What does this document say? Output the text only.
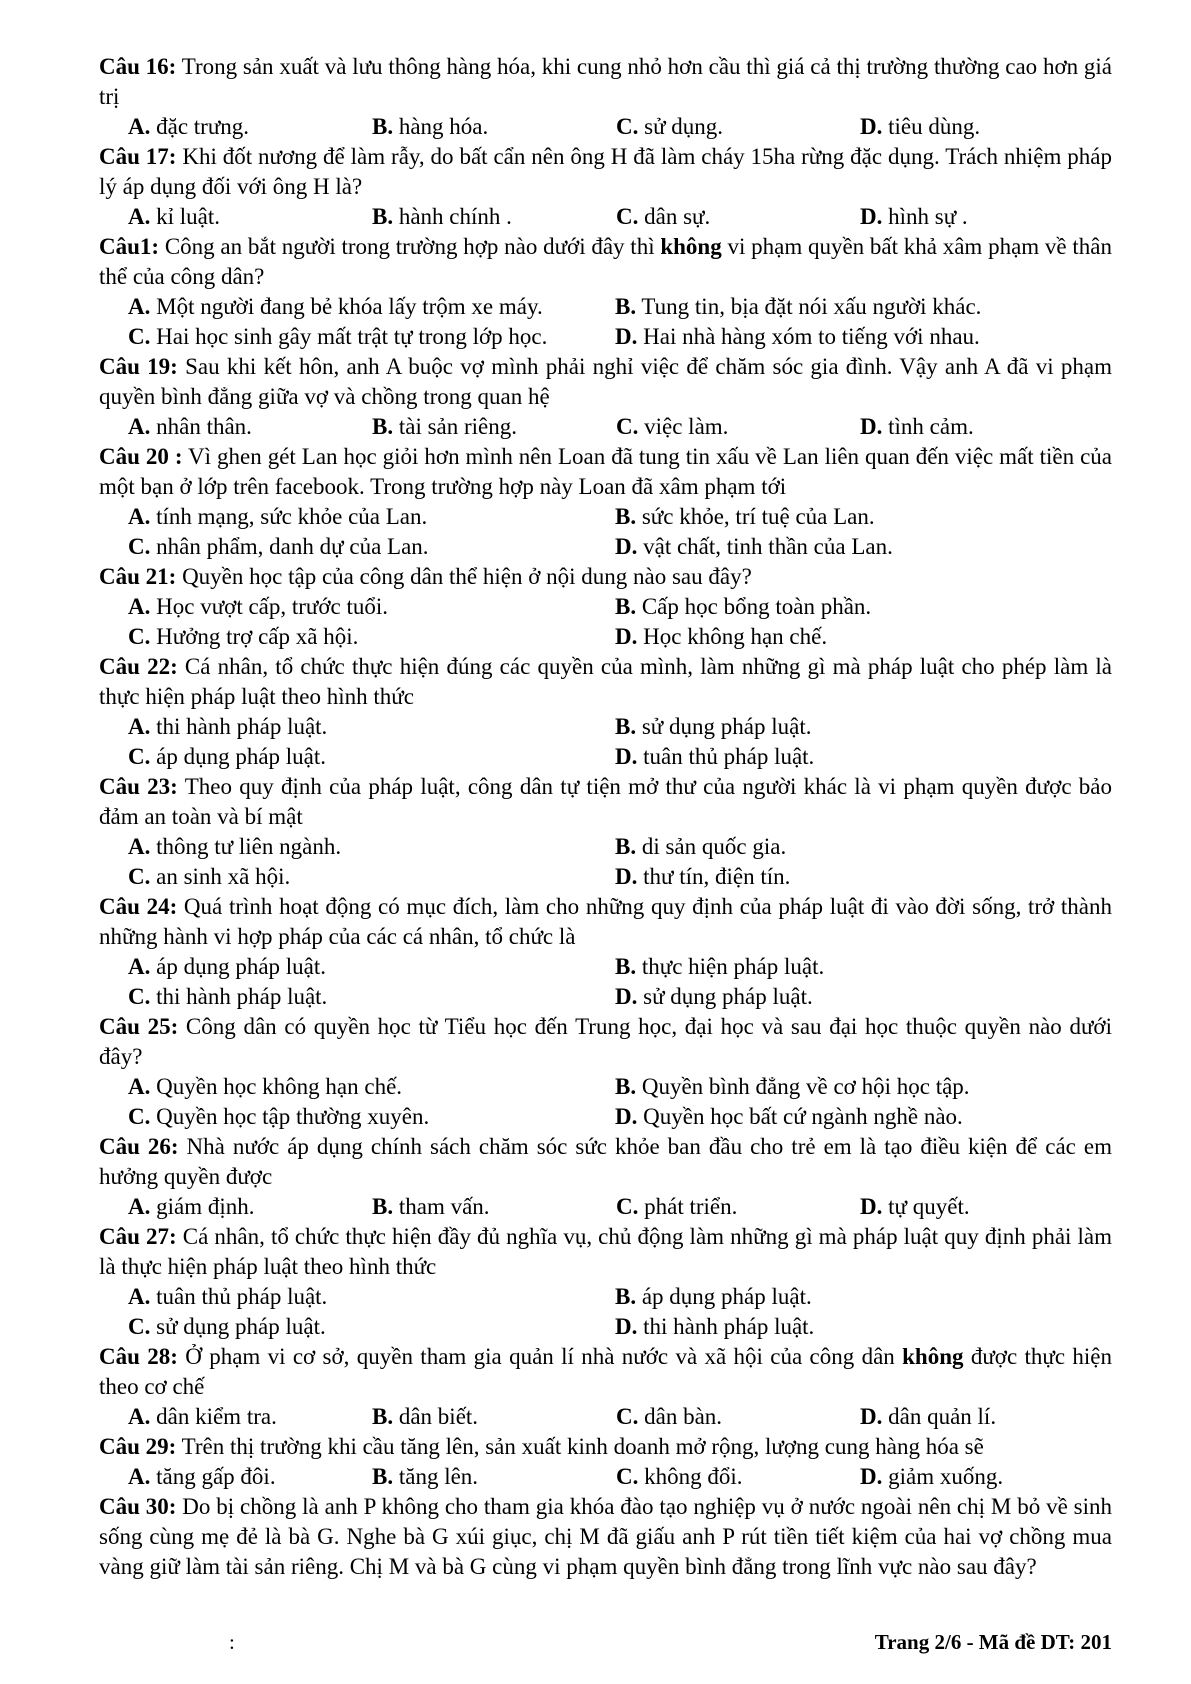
Câu 16: Trong sản xuất và lưu thông hàng hóa, khi cung nhỏ hơn cầu thì giá cả thị trường thường cao hơn giá trị

A. đặc trưng.	B. hàng hóa.	C. sử dụng.	D. tiêu dùng.

Câu 17: Khi đốt nương để làm rẫy, do bất cẩn nên ông H đã làm cháy 15ha rừng đặc dụng. Trách nhiệm pháp lý áp dụng đối với ông H là?

A. kỉ luật.	B. hành chính .	C. dân sự.	D. hình sự .

Câu1: Công an bắt người trong trường hợp nào dưới đây thì không vi phạm quyền bất khả xâm phạm về thân thể của công dân?

A. Một người đang bẻ khóa lấy trộm xe máy.	B. Tung tin, bịa đặt nói xấu người khác.
C. Hai học sinh gây mất trật tự trong lớp học.	D. Hai nhà hàng xóm to tiếng với nhau.

Câu 19: Sau khi kết hôn, anh A buộc vợ mình phải nghỉ việc để chăm sóc gia đình. Vậy anh A đã vi phạm quyền bình đẳng giữa vợ và chồng trong quan hệ

A. nhân thân.	B. tài sản riêng.	C. việc làm.	D. tình cảm.

Câu 20 : Vì ghen gét Lan học giỏi hơn mình nên Loan đã tung tin xấu về Lan liên quan đến việc mất tiền của một bạn ở lớp trên facebook. Trong trường hợp này Loan đã xâm phạm tới

A. tính mạng, sức khỏe của Lan.	B. sức khỏe, trí tuệ của Lan.
C. nhân phẩm, danh dự của Lan.	D. vật chất, tinh thần của Lan.

Câu 21: Quyền học tập của công dân thể hiện ở nội dung nào sau đây?

A. Học vượt cấp, trước tuổi.	B. Cấp học bổng toàn phần.
C. Hưởng trợ cấp xã hội.	D. Học không hạn chế.

Câu 22: Cá nhân, tổ chức thực hiện đúng các quyền của mình, làm những gì mà pháp luật cho phép làm là thực hiện pháp luật theo hình thức

A. thi hành pháp luật.	B. sử dụng pháp luật.
C. áp dụng pháp luật.	D. tuân thủ pháp luật.

Câu 23: Theo quy định của pháp luật, công dân tự tiện mở thư của người khác là vi phạm quyền được bảo đảm an toàn và bí mật

A. thông tư liên ngành.	B. di sản quốc gia.
C. an sinh xã hội.	D. thư tín, điện tín.

Câu 24: Quá trình hoạt động có mục đích, làm cho những quy định của pháp luật đi vào đời sống, trở thành những hành vi hợp pháp của các cá nhân, tổ chức là

A. áp dụng pháp luật.	B. thực hiện pháp luật.
C. thi hành pháp luật.	D. sử dụng pháp luật.

Câu 25: Công dân có quyền học từ Tiểu học đến Trung học, đại học và sau đại học thuộc quyền nào dưới đây?

A. Quyền học không hạn chế.	B. Quyền bình đẳng về cơ hội học tập.
C. Quyền học tập thường xuyên.	D. Quyền học bất cứ ngành nghề nào.

Câu 26: Nhà nước áp dụng chính sách chăm sóc sức khỏe ban đầu cho trẻ em là tạo điều kiện để các em hưởng quyền được

A. giám định.	B. tham vấn.	C. phát triển.	D. tự quyết.

Câu 27: Cá nhân, tổ chức thực hiện đầy đủ nghĩa vụ, chủ động làm những gì mà pháp luật quy định phải làm là thực hiện pháp luật theo hình thức

A. tuân thủ pháp luật.	B. áp dụng pháp luật.
C. sử dụng pháp luật.	D. thi hành pháp luật.

Câu 28: Ở phạm vi cơ sở, quyền tham gia quản lí nhà nước và xã hội của công dân không được thực hiện theo cơ chế

A. dân kiểm tra.	B. dân biết.	C. dân bàn.	D. dân quản lí.

Câu 29: Trên thị trường khi cầu tăng lên, sản xuất kinh doanh mở rộng, lượng cung hàng hóa sẽ

A. tăng gấp đôi.	B. tăng lên.	C. không đổi.	D. giảm xuống.

Câu 30: Do bị chồng là anh P không cho tham gia khóa đào tạo nghiệp vụ ở nước ngoài nên chị M bỏ về sinh sống cùng mẹ đẻ là bà G. Nghe bà G xúi giục, chị M đã giấu anh P rút tiền tiết kiệm của hai vợ chồng mua vàng giữ làm tài sản riêng. Chị M và bà G cùng vi phạm quyền bình đẳng trong lĩnh vực nào sau đây?

:	Trang 2/6 - Mã đề DT: 201
